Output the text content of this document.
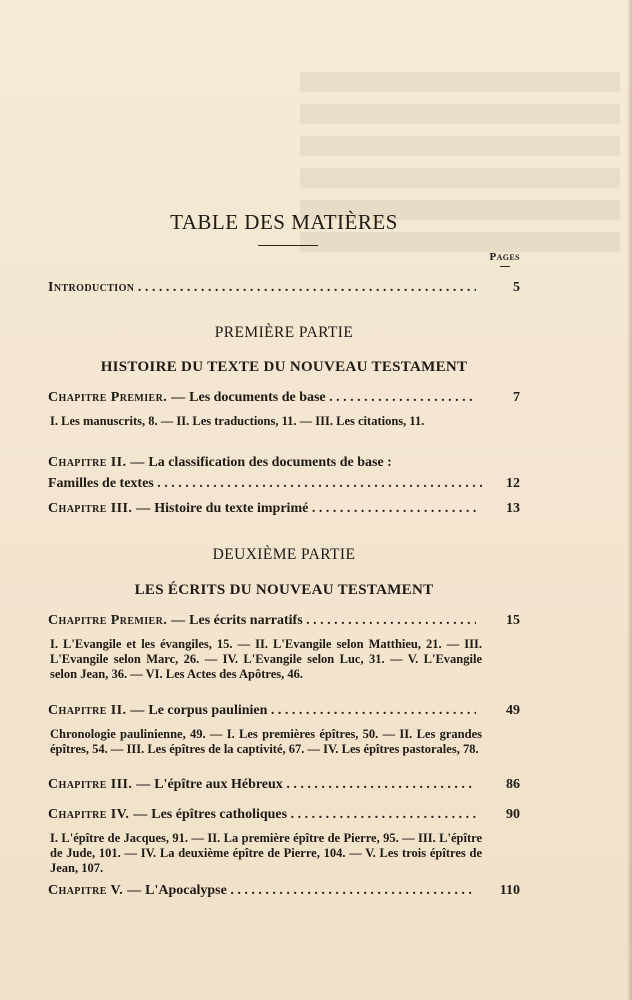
TABLE DES MATIÈRES
Pages
Introduction . . .	5
PREMIÈRE PARTIE
HISTOIRE DU TEXTE DU NOUVEAU TESTAMENT
Chapitre Premier. — Les documents de base . . .	7
I. Les manuscrits, 8. — II. Les traductions, 11. — III. Les citations, 11.
Chapitre II. — La classification des documents de base :
Familles de textes . . .	12
Chapitre III. — Histoire du texte imprimé . . .	13
DEUXIÈME PARTIE
LES ÉCRITS DU NOUVEAU TESTAMENT
Chapitre Premier. — Les écrits narratifs . . .	15
I. L'Evangile et les évangiles, 15. — II. L'Evangile selon Matthieu, 21. — III. L'Evangile selon Marc, 26. — IV. L'Evangile selon Luc, 31. — V. L'Evangile selon Jean, 36. — VI. Les Actes des Apôtres, 46.
Chapitre II. — Le corpus paulinien . . .	49
Chronologie paulinienne, 49. — I. Les premières épîtres, 50. — II. Les grandes épîtres, 54. — III. Les épîtres de la captivité, 67. — IV. Les épîtres pastorales, 78.
Chapitre III. — L'épître aux Hébreux . . .	86
Chapitre IV. — Les épîtres catholiques . . .	90
I. L'épître de Jacques, 91. — II. La première épître de Pierre, 95. — III. L'épître de Jude, 101. — IV. La deuxième épître de Pierre, 104. — V. Les trois épîtres de Jean, 107.
Chapitre V. — L'Apocalypse . . .	110
